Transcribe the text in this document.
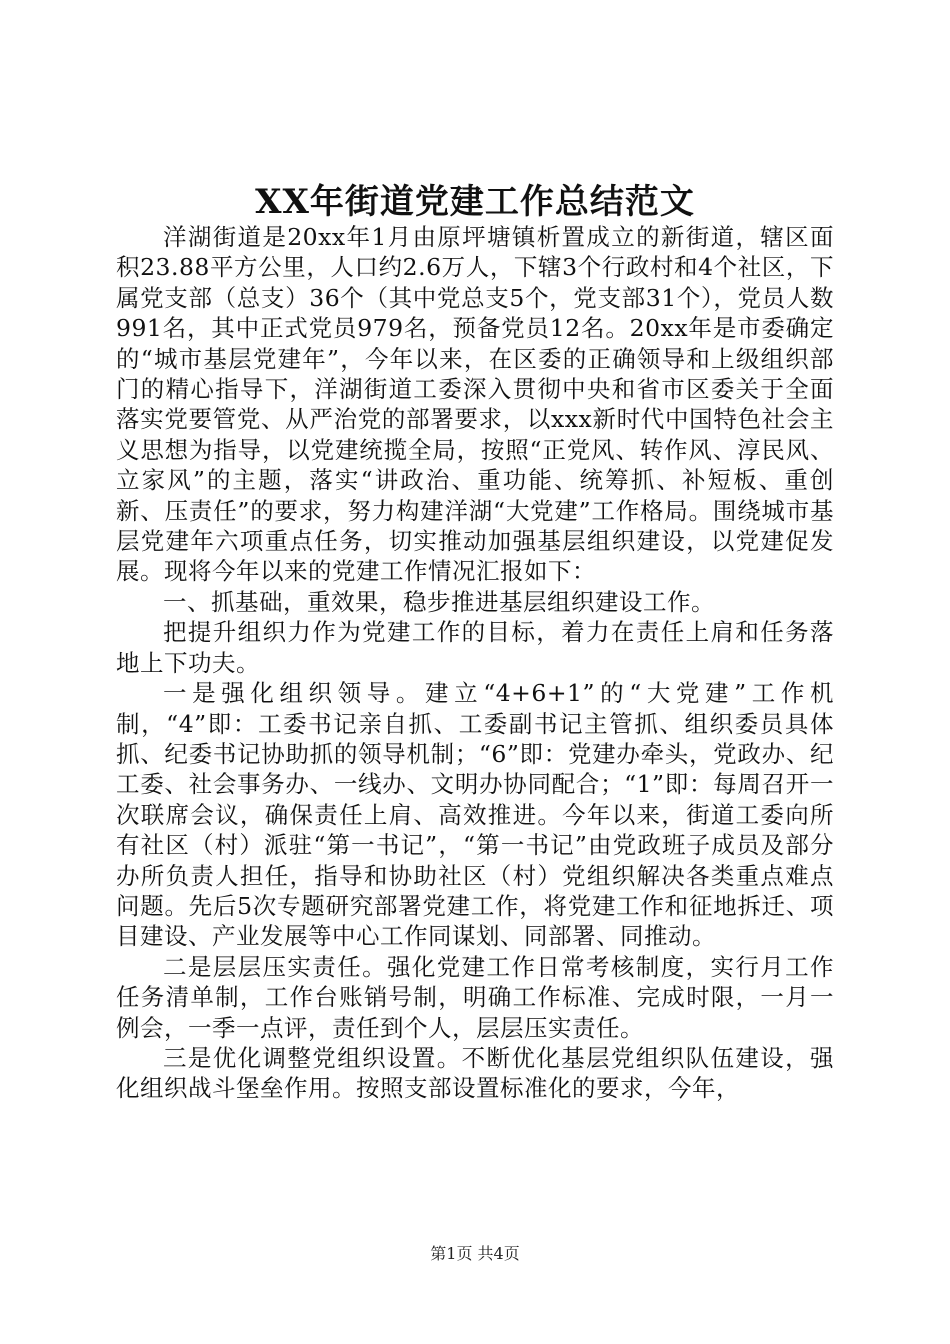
XX年街道党建工作总结范文

洋湖街道是20xx年1月由原坪塘镇析置成立的新街道，辖区面积23.88平方公里，人口约2.6万人，下辖3个行政村和4个社区，下属党支部（总支）36个（其中党总支5个，党支部31个），党员人数991名，其中正式党员979名，预备党员12名。20xx年是市委确定的“城市基层党建年”，今年以来，在区委的正确领导和上级组织部门的精心指导下，洋湖街道工委深入贯彻中央和省市区委关于全面落实党要管党、从严治党的部署要求，以xxx新时代中国特色社会主义思想为指导，以党建统揽全局，按照“正党风、转作风、淳民风、立家风”的主题，落实“讲政治、重功能、统筹抓、补短板、重创新、压责任”的要求，努力构建洋湖“大党建”工作格局。围绕城市基层党建年六项重点任务，切实推动加强基层组织建设，以党建促发展。现将今年以来的党建工作情况汇报如下：

一、抓基础，重效果，稳步推进基层组织建设工作。

把提升组织力作为党建工作的目标，着力在责任上肩和任务落地上下功夫。

一是强化组织领导。建立“4+6+1”的“大党建”工作机制，“4”即：工委书记亲自抓、工委副书记主管抓、组织委员具体抓、纪委书记协助抓的领导机制；“6”即：党建办牵头，党政办、纪工委、社会事务办、一线办、文明办协同配合；“1”即：每周召开一次联席会议，确保责任上肩、高效推进。今年以来，街道工委向所有社区（村）派驻“第一书记”，“第一书记”由党政班子成员及部分办所负责人担任，指导和协助社区（村）党组织解决各类重点难点问题。先后5次专题研究部署党建工作，将党建工作和征地拆迁、项目建设、产业发展等中心工作同谋划、同部署、同推动。

二是层层压实责任。强化党建工作日常考核制度，实行月工作任务清单制，工作台账销号制，明确工作标准、完成时限，一月一例会，一季一点评，责任到个人，层层压实责任。

三是优化调整党组织设置。不断优化基层党组织队伍建设，强化组织战斗堡垒作用。按照支部设置标准化的要求，今年，

第1页 共4页
